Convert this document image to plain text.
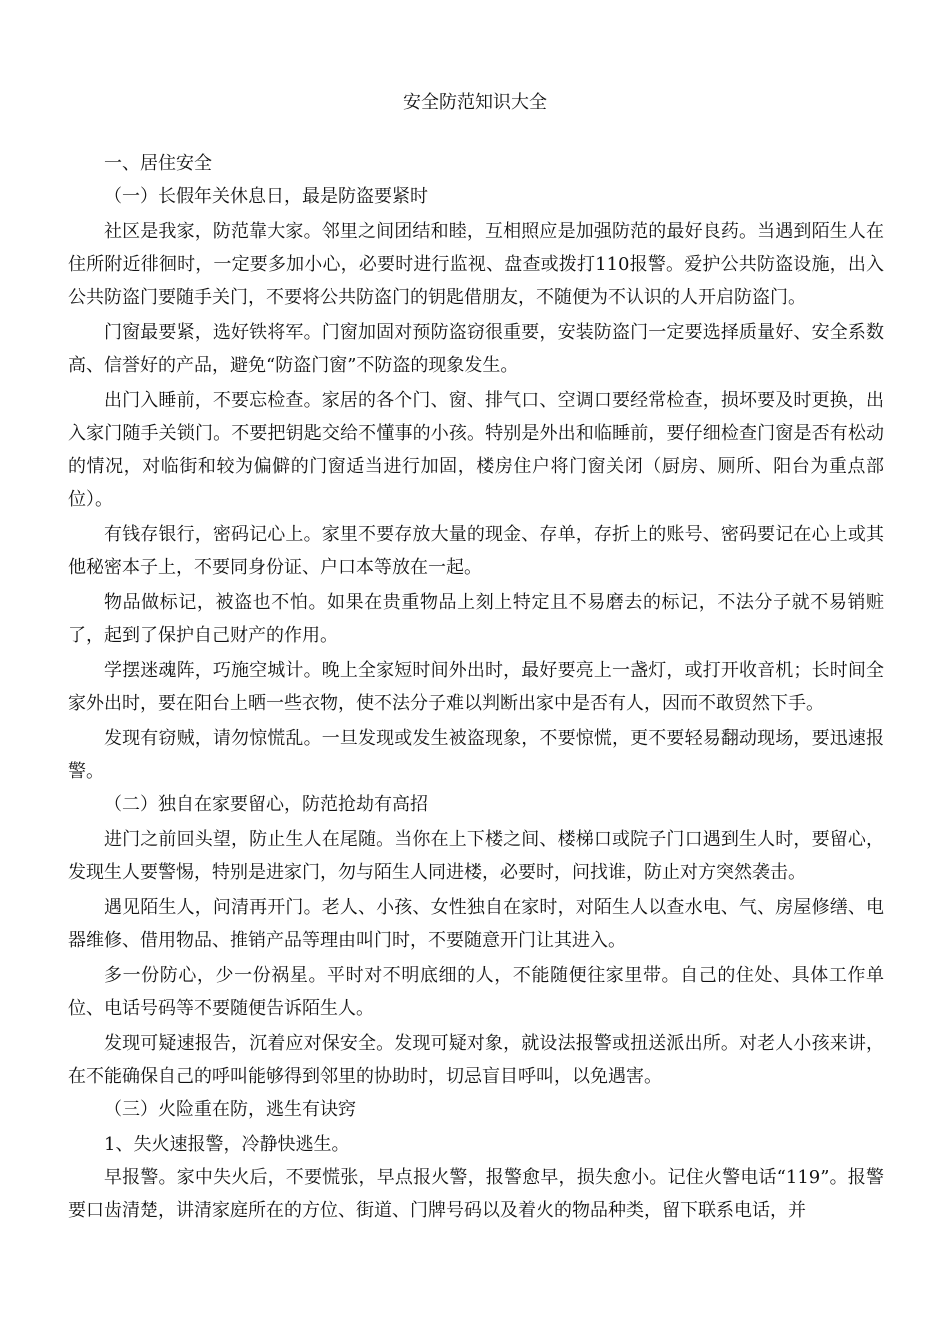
安全防范知识大全

一、居住安全

（一）长假年关休息日，最是防盗要紧时

社区是我家，防范靠大家。邻里之间团结和睦，互相照应是加强防范的最好良药。当遇到陌生人在住所附近徘徊时，一定要多加小心，必要时进行监视、盘查或拨打110报警。爱护公共防盗设施，出入公共防盗门要随手关门，不要将公共防盗门的钥匙借朋友，不随便为不认识的人开启防盗门。

门窗最要紧，选好铁将军。门窗加固对预防盗窃很重要，安装防盗门一定要选择质量好、安全系数高、信誉好的产品，避免“防盗门窗”不防盗的现象发生。

出门入睡前，不要忘检查。家居的各个门、窗、排气口、空调口要经常检查，损坏要及时更换，出入家门随手关锁门。不要把钥匙交给不懂事的小孩。特别是外出和临睡前，要仔细检查门窗是否有松动的情况，对临街和较为偏僻的门窗适当进行加固，楼房住户将门窗关闭（厨房、厕所、阳台为重点部位）。

有钱存银行，密码记心上。家里不要存放大量的现金、存单，存折上的账号、密码要记在心上或其他秘密本子上，不要同身份证、户口本等放在一起。

物品做标记，被盗也不怕。如果在贵重物品上刻上特定且不易磨去的标记，不法分子就不易销赃了，起到了保护自己财产的作用。

学摆迷魂阵，巧施空城计。晚上全家短时间外出时，最好要亮上一盏灯，或打开收音机；长时间全家外出时，要在阳台上晒一些衣物，使不法分子难以判断出家中是否有人，因而不敢贸然下手。

发现有窃贼，请勿惊慌乱。一旦发现或发生被盗现象，不要惊慌，更不要轻易翻动现场，要迅速报警。

（二）独自在家要留心，防范抢劫有高招

进门之前回头望，防止生人在尾随。当你在上下楼之间、楼梯口或院子门口遇到生人时，要留心，发现生人要警惕，特别是进家门，勿与陌生人同进楼，必要时，问找谁，防止对方突然袭击。

遇见陌生人，问清再开门。老人、小孩、女性独自在家时，对陌生人以查水电、气、房屋修缮、电器维修、借用物品、推销产品等理由叫门时，不要随意开门让其进入。

多一份防心，少一份祸星。平时对不明底细的人，不能随便往家里带。自己的住处、具体工作单位、电话号码等不要随便告诉陌生人。

发现可疑速报告，沉着应对保安全。发现可疑对象，就设法报警或扭送派出所。对老人小孩来讲，在不能确保自己的呼叫能够得到邻里的协助时，切忌盲目呼叫，以免遇害。

（三）火险重在防，逃生有诀窍

1、失火速报警，冷静快逃生。

早报警。家中失火后，不要慌张，早点报火警，报警愈早，损失愈小。记住火警电话“119”。报警要口齿清楚，讲清家庭所在的方位、街道、门牌号码以及着火的物品种类，留下联系电话，并
